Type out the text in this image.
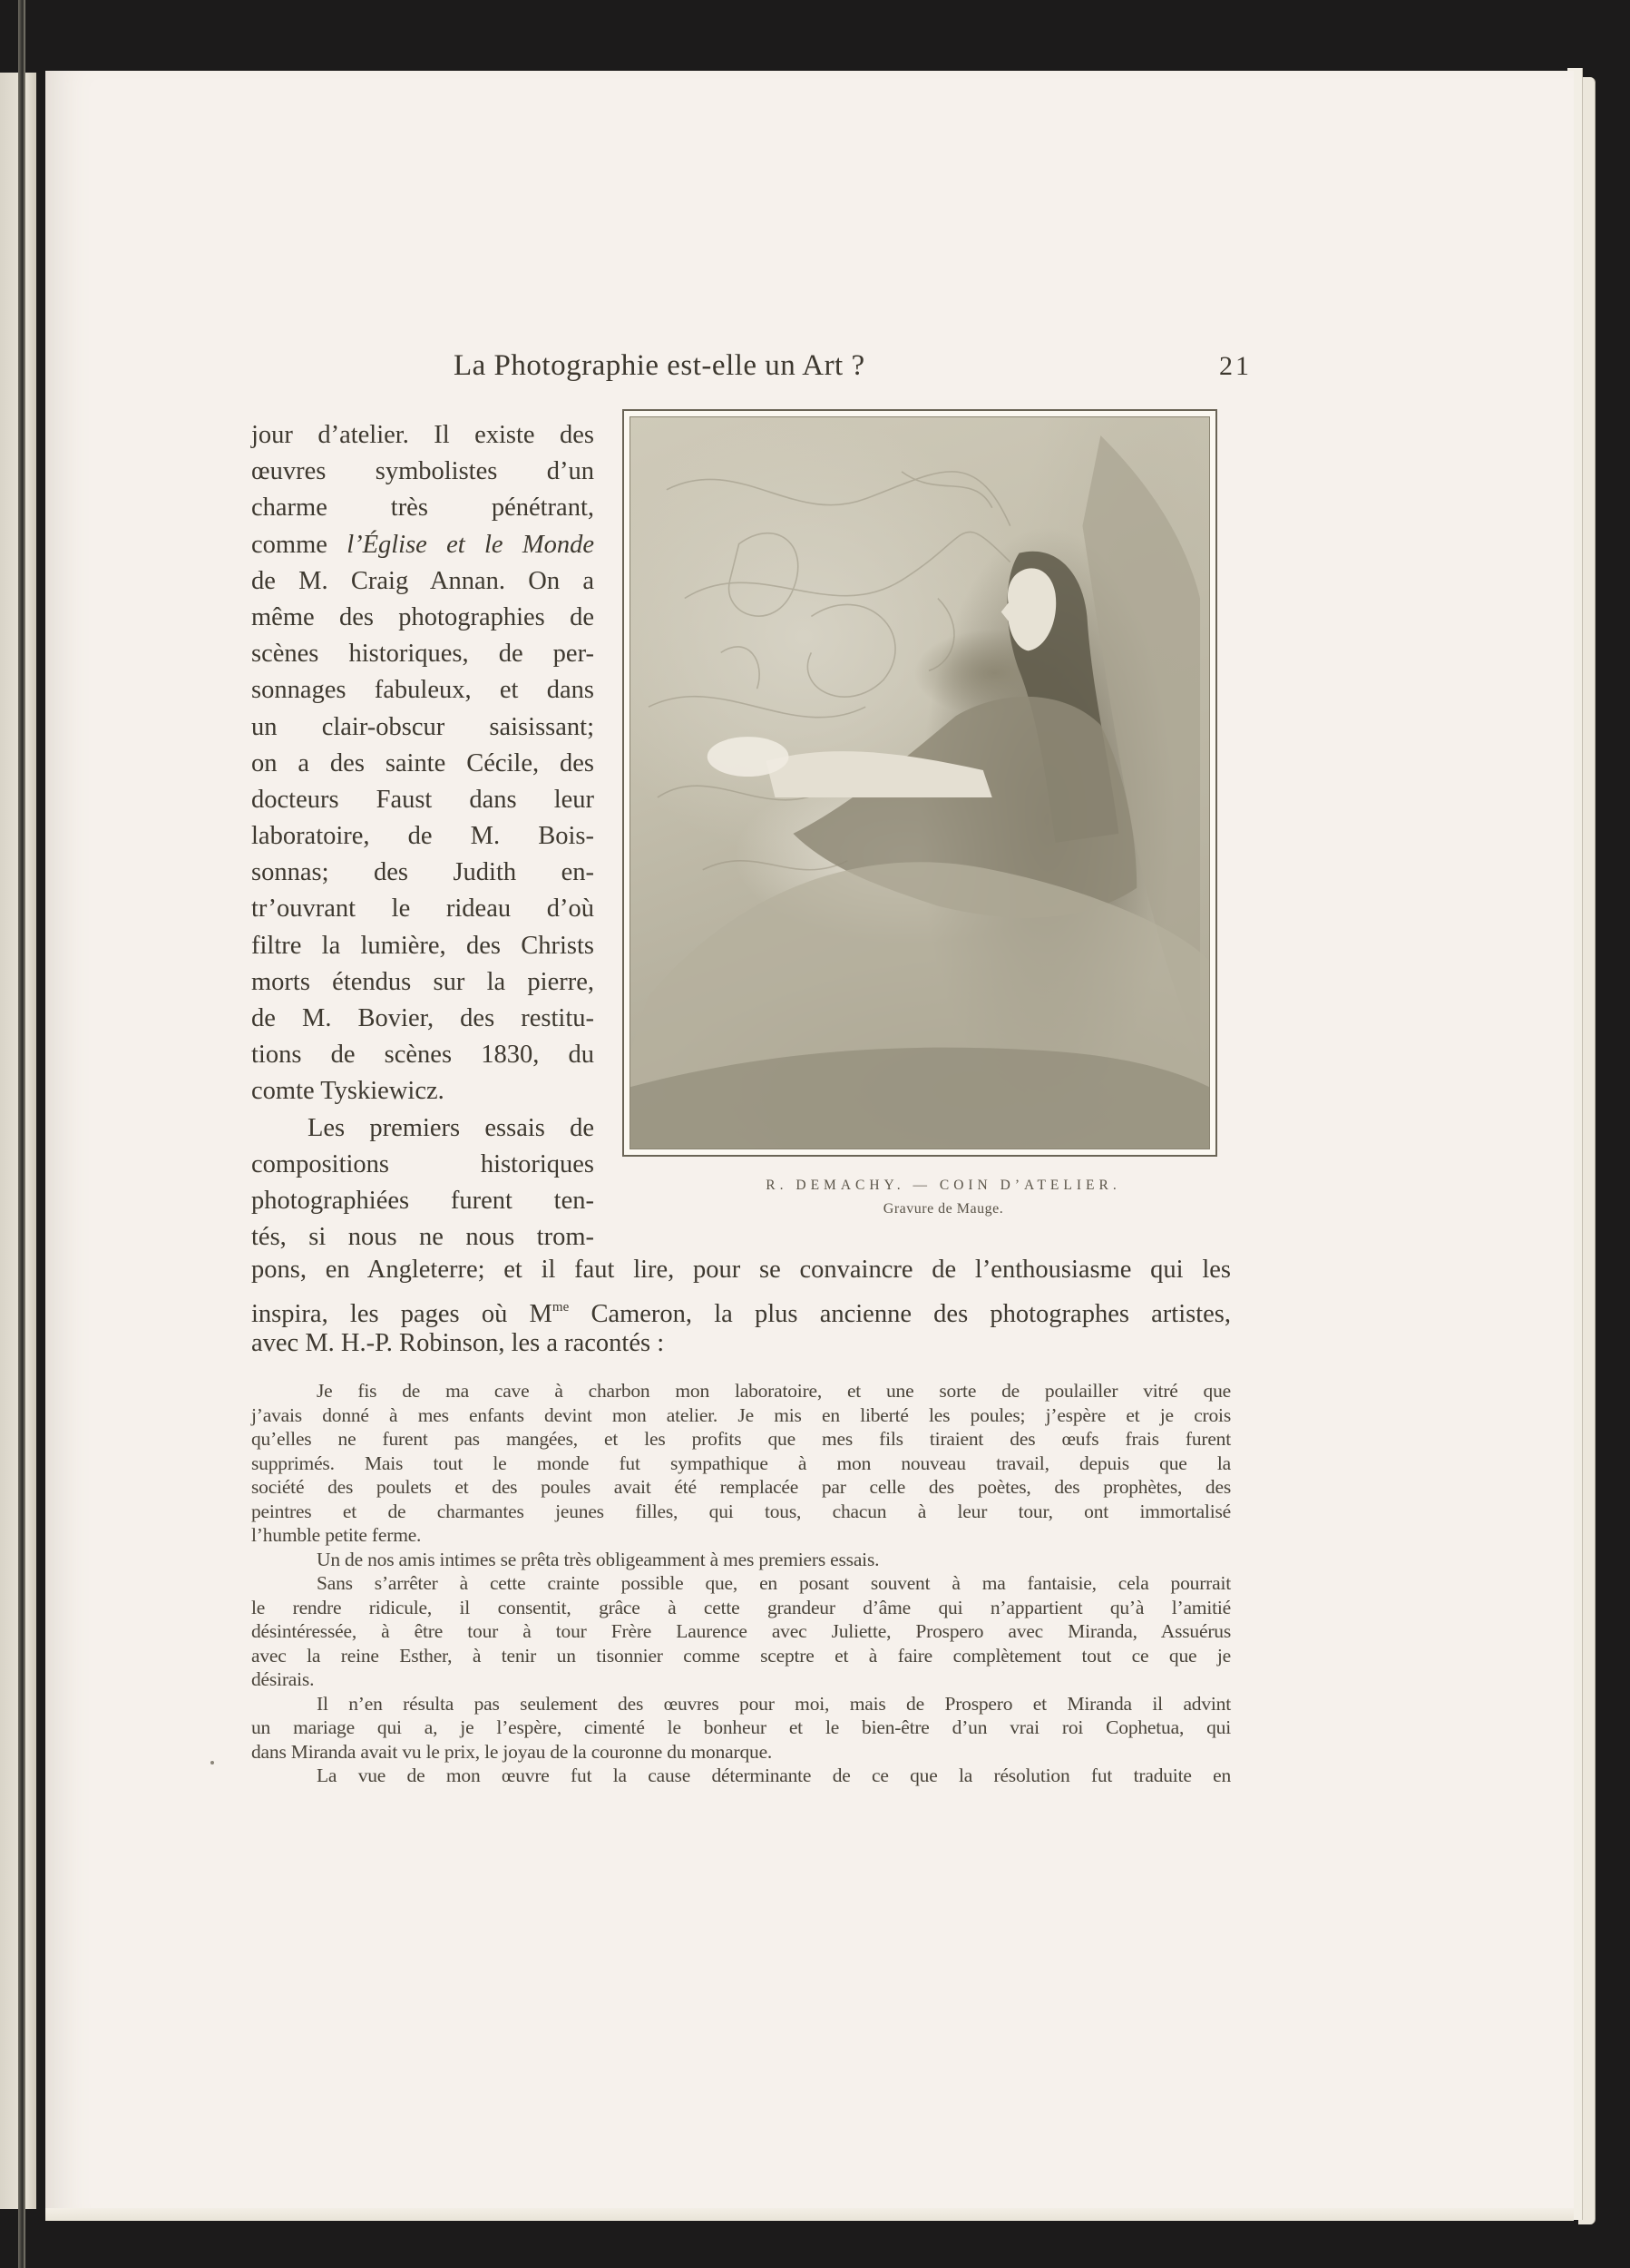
La Photographie est-elle un Art ?	21
jour d’atelier. Il existe des
œuvres symbolistes d’un
charme très pénétrant,
comme l’Église et le Monde
de M. Craig Annan. On a
même des photographies de
scènes historiques, de per-
sonnages fabuleux, et dans
un clair-obscur saisissant;
on a des sainte Cécile, des
docteurs Faust dans leur
laboratoire, de M. Bois-
sonnas; des Judith en-
tr’ouvrant le rideau d’où
filtre la lumière, des Christs
morts étendus sur la pierre,
de M. Bovier, des restitu-
tions de scènes 1830, du
comte Tyskiewicz.
Les premiers essais de
compositions historiques
photographiées furent ten-
tés, si nous ne nous trom-
R. DEMACHY. — COIN D’ATELIER.
Gravure de Mauge.
pons, en Angleterre; et il faut lire, pour se convaincre de l’enthousiasme qui les
inspira, les pages où $M^{me}$ Cameron, la plus ancienne des photographes artistes,
avec M. H.-P. Robinson, les a racontés :
Je fis de ma cave à charbon mon laboratoire, et une sorte de poulailler vitré que
j’avais donné à mes enfants devint mon atelier. Je mis en liberté les poules; j’espère et je crois
qu’elles ne furent pas mangées, et les profits que mes fils tiraient des œufs frais furent
supprimés. Mais tout le monde fut sympathique à mon nouveau travail, depuis que la
société des poulets et des poules avait été remplacée par celle des poètes, des prophètes, des
peintres et de charmantes jeunes filles, qui tous, chacun à leur tour, ont immortalisé
l’humble petite ferme.
Un de nos amis intimes se prêta très obligeamment à mes premiers essais.
Sans s’arrêter à cette crainte possible que, en posant souvent à ma fantaisie, cela pourrait
le rendre ridicule, il consentit, grâce à cette grandeur d’âme qui n’appartient qu’à l’amitié
désintéressée, à être tour à tour Frère Laurence avec Juliette, Prospero avec Miranda, Assuérus
avec la reine Esther, à tenir un tisonnier comme sceptre et à faire complètement tout ce que je
désirais.
Il n’en résulta pas seulement des œuvres pour moi, mais de Prospero et Miranda il advint
un mariage qui a, je l’espère, cimenté le bonheur et le bien-être d’un vrai roi Cophetua, qui
dans Miranda avait vu le prix, le joyau de la couronne du monarque.
La vue de mon œuvre fut la cause déterminante de ce que la résolution fut traduite en
